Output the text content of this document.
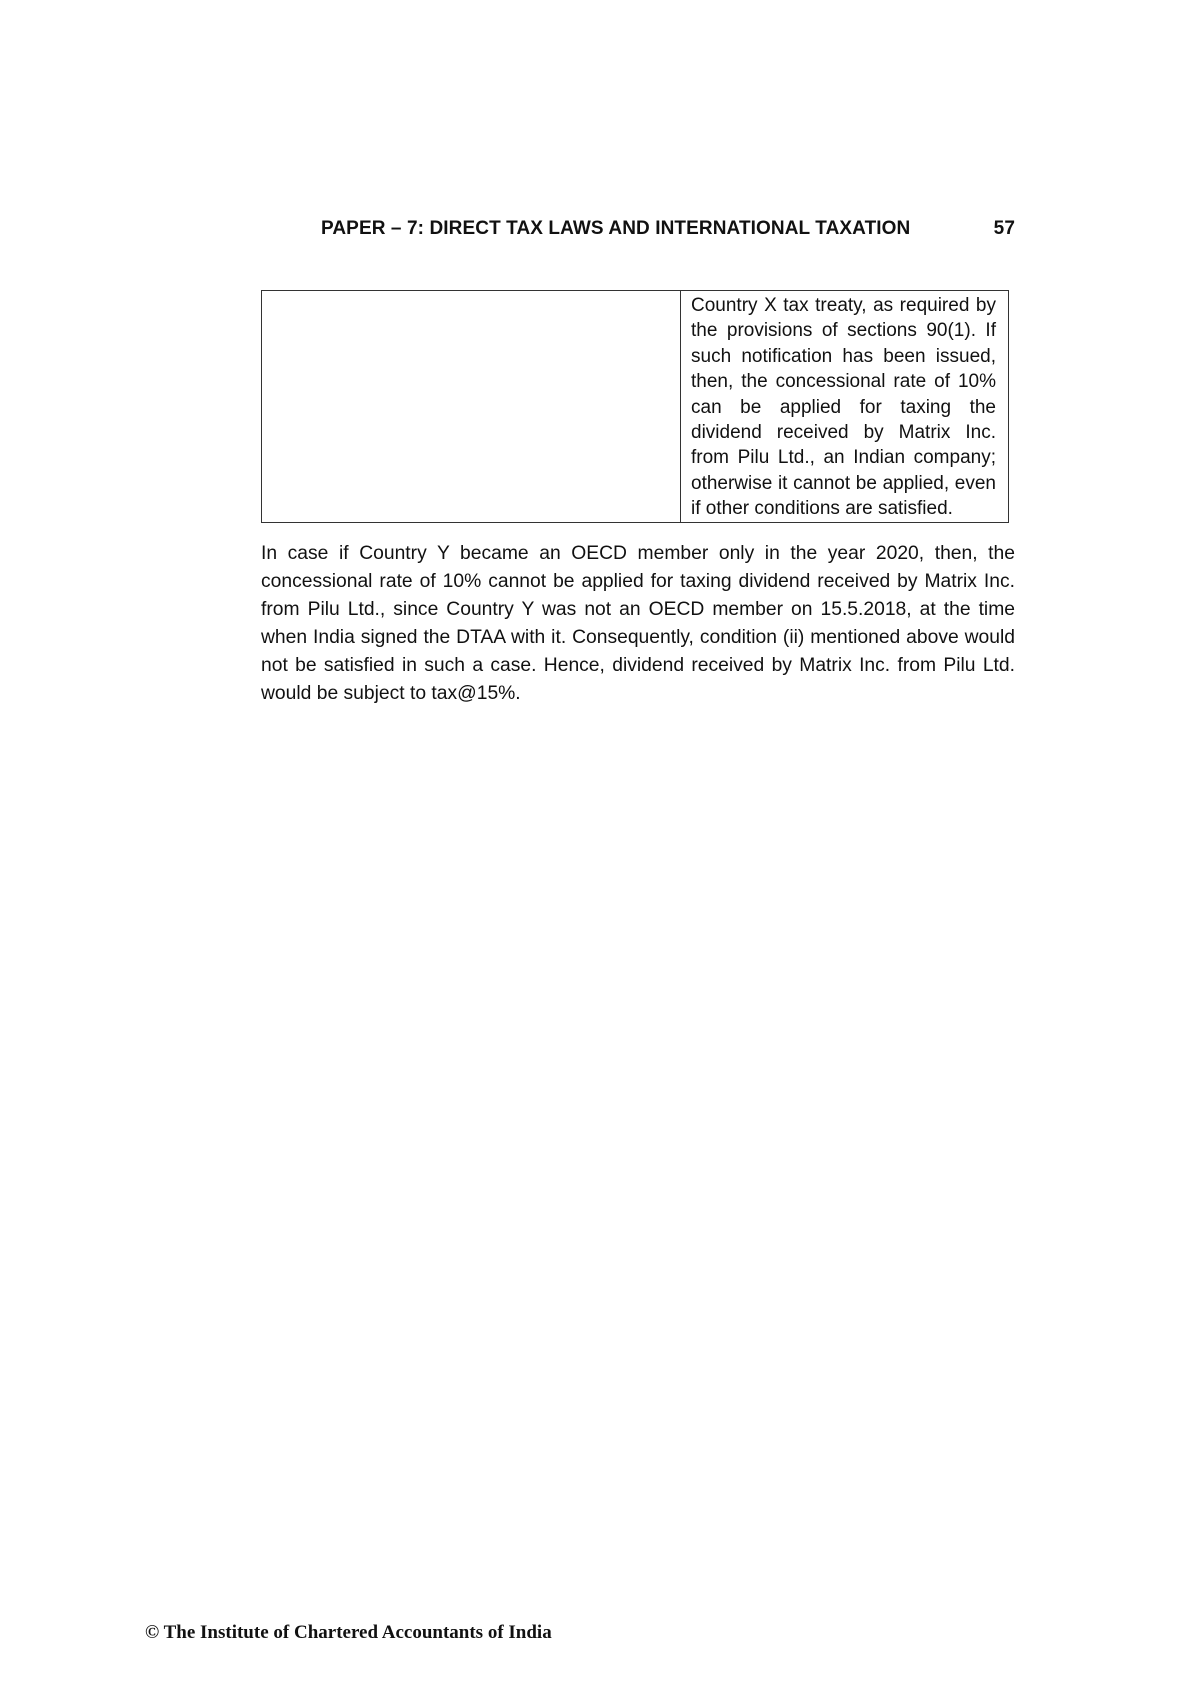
PAPER – 7: DIRECT TAX LAWS AND INTERNATIONAL TAXATION	57
Country X tax treaty, as required by the provisions of sections 90(1). If such notification has been issued, then, the concessional rate of 10% can be applied for taxing the dividend received by Matrix Inc. from Pilu Ltd., an Indian company; otherwise it cannot be applied, even if other conditions are satisfied.
In case if Country Y became an OECD member only in the year 2020, then, the concessional rate of 10% cannot be applied for taxing dividend received by Matrix Inc. from Pilu Ltd., since Country Y was not an OECD member on 15.5.2018, at the time when India signed the DTAA with it. Consequently, condition (ii) mentioned above would not be satisfied in such a case. Hence, dividend received by Matrix Inc. from Pilu Ltd. would be subject to tax@15%.
© The Institute of Chartered Accountants of India
